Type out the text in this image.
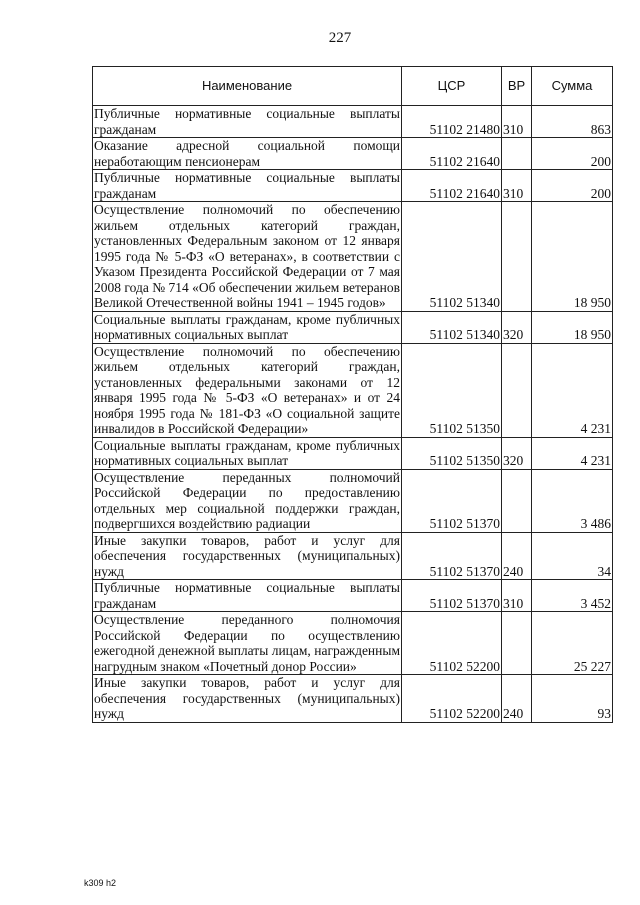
227
Наименование	ЦСР	ВР	Сумма
Публичные нормативные социальные выплаты гражданам	51102 21480	310	863
Оказание адресной социальной помощи неработающим пенсионерам	51102 21640		200
Публичные нормативные социальные выплаты гражданам	51102 21640	310	200
Осуществление полномочий по обеспечению жильем отдельных категорий граждан, установленных Федеральным законом от 12 января 1995 года № 5-ФЗ «О ветеранах», в соответствии с Указом Президента Российской Федерации от 7 мая 2008 года № 714 «Об обеспечении жильем ветеранов Великой Отечественной войны 1941 – 1945 годов»	51102 51340		18 950
Социальные выплаты гражданам, кроме публичных нормативных социальных выплат	51102 51340	320	18 950
Осуществление полномочий по обеспечению жильем отдельных категорий граждан, установленных федеральными законами от 12 января 1995 года № 5-ФЗ «О ветеранах» и от 24 ноября 1995 года № 181-ФЗ «О социальной защите инвалидов в Российской Федерации»	51102 51350		4 231
Социальные выплаты гражданам, кроме публичных нормативных социальных выплат	51102 51350	320	4 231
Осуществление переданных полномочий Российской Федерации по предоставлению отдельных мер социальной поддержки граждан, подвергшихся воздействию радиации	51102 51370		3 486
Иные закупки товаров, работ и услуг для обеспечения государственных (муниципальных) нужд	51102 51370	240	34
Публичные нормативные социальные выплаты гражданам	51102 51370	310	3 452
Осуществление переданного полномочия Российской Федерации по осуществлению ежегодной денежной выплаты лицам, награжденным нагрудным знаком «Почетный донор России»	51102 52200		25 227
Иные закупки товаров, работ и услуг для обеспечения государственных (муниципальных) нужд	51102 52200	240	93
k309 h2
